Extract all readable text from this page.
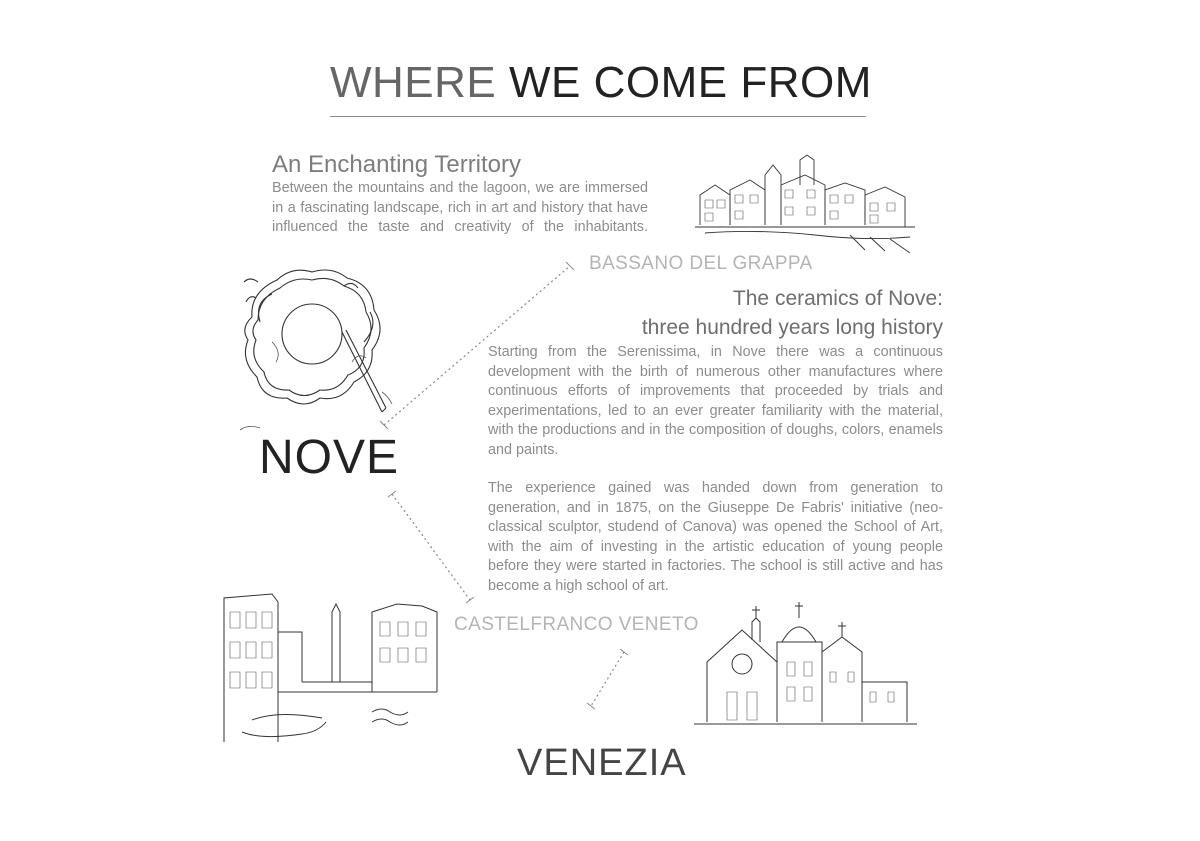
WHERE WE COME FROM
An Enchanting Territory
Between the mountains and the lagoon, we are immersed
in a fascinating landscape, rich in art and history that have
influenced the taste and creativity of the inhabitants.
BASSANO DEL GRAPPA
CASTELFRANCO VENETO
NOVE
VENEZIA
The ceramics of Nove:
three hundred years long history
Starting from the Serenissima, in Nove there was a continuous development with the birth of numerous other manufactures where continuous efforts of improvements that proceeded by trials and experimentations, led to an ever greater familiarity with the material, with the productions and in the composition of doughs, colors, enamels and paints.
The experience gained was handed down from generation to generation, and in 1875, on the Giuseppe De Fabris' initiative (neo-classical sculptor, studend of Canova) was opened the School of Art, with the aim of investing in the artistic education of young people before they were started in factories. The school is still active and has become a high school of art.
